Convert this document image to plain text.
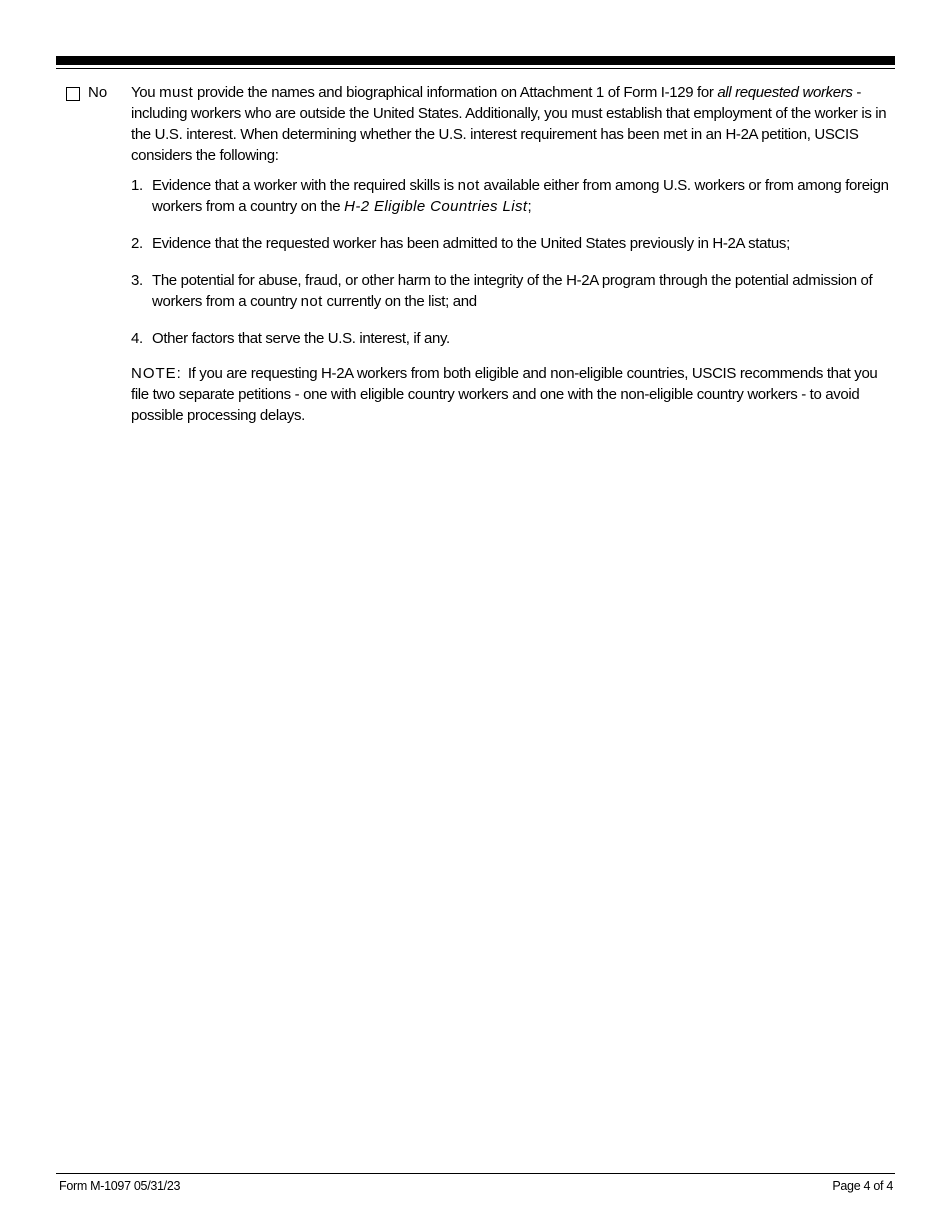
No You must provide the names and biographical information on Attachment 1 of Form I-129 for all requested workers - including workers who are outside the United States. Additionally, you must establish that employment of the worker is in the U.S. interest. When determining whether the U.S. interest requirement has been met in an H-2A petition, USCIS considers the following:

1. Evidence that a worker with the required skills is not available either from among U.S. workers or from among foreign workers from a country on the H-2 Eligible Countries List;
2. Evidence that the requested worker has been admitted to the United States previously in H-2A status;
3. The potential for abuse, fraud, or other harm to the integrity of the H-2A program through the potential admission of workers from a country not currently on the list; and
4. Other factors that serve the U.S. interest, if any.

NOTE: If you are requesting H-2A workers from both eligible and non-eligible countries, USCIS recommends that you file two separate petitions - one with eligible country workers and one with the non-eligible country workers - to avoid possible processing delays.

Form M-1097 05/31/23	Page 4 of 4
